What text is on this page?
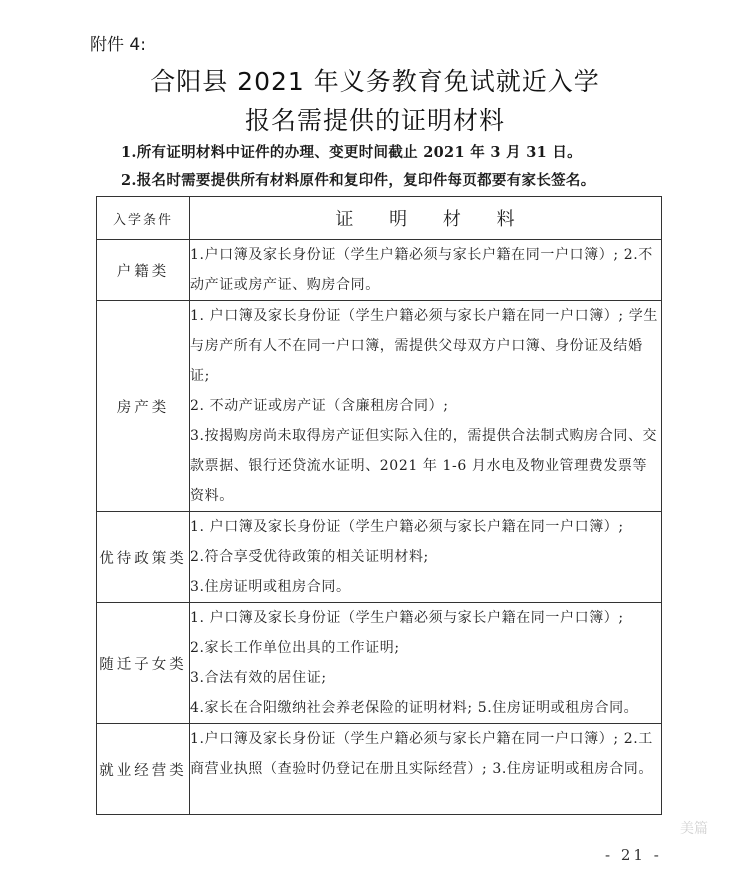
附件 4:
合阳县 2021 年义务教育免试就近入学
报名需提供的证明材料
1.所有证明材料中证件的办理、变更时间截止 2021 年 3 月 31 日。
2.报名时需要提供所有材料原件和复印件，复印件每页都要有家长签名。
入学条件	证 明 材 料
户籍类	1.户口簿及家长身份证（学生户籍必须与家长户籍在同一户口簿）; 2.不动产证或房产证、购房合同。

房产类	1. 户口簿及家长身份证（学生户籍必须与家长户籍在同一户口簿）; 学生与房产所有人不在同一户口簿，需提供父母双方户口簿、身份证及结婚证;

2. 不动产证或房产证（含廉租房合同）;

3.按揭购房尚未取得房产证但实际入住的，需提供合法制式购房合同、交款票据、银行还贷流水证明、2021 年 1-6 月水电及物业管理费发票等资料。

优待政策类	1. 户口簿及家长身份证（学生户籍必须与家长户籍在同一户口簿）;

2.符合享受优待政策的相关证明材料;

3.住房证明或租房合同。

随迁子女类	1. 户口簿及家长身份证（学生户籍必须与家长户籍在同一户口簿）;

2.家长工作单位出具的工作证明;

3.合法有效的居住证;

4.家长在合阳缴纳社会养老保险的证明材料; 5.住房证明或租房合同。

就业经营类	1.户口簿及家长身份证（学生户籍必须与家长户籍在同一户口簿）; 2.工商营业执照（查验时仍登记在册且实际经营）; 3.住房证明或租房合同。

美篇
- 21 -
